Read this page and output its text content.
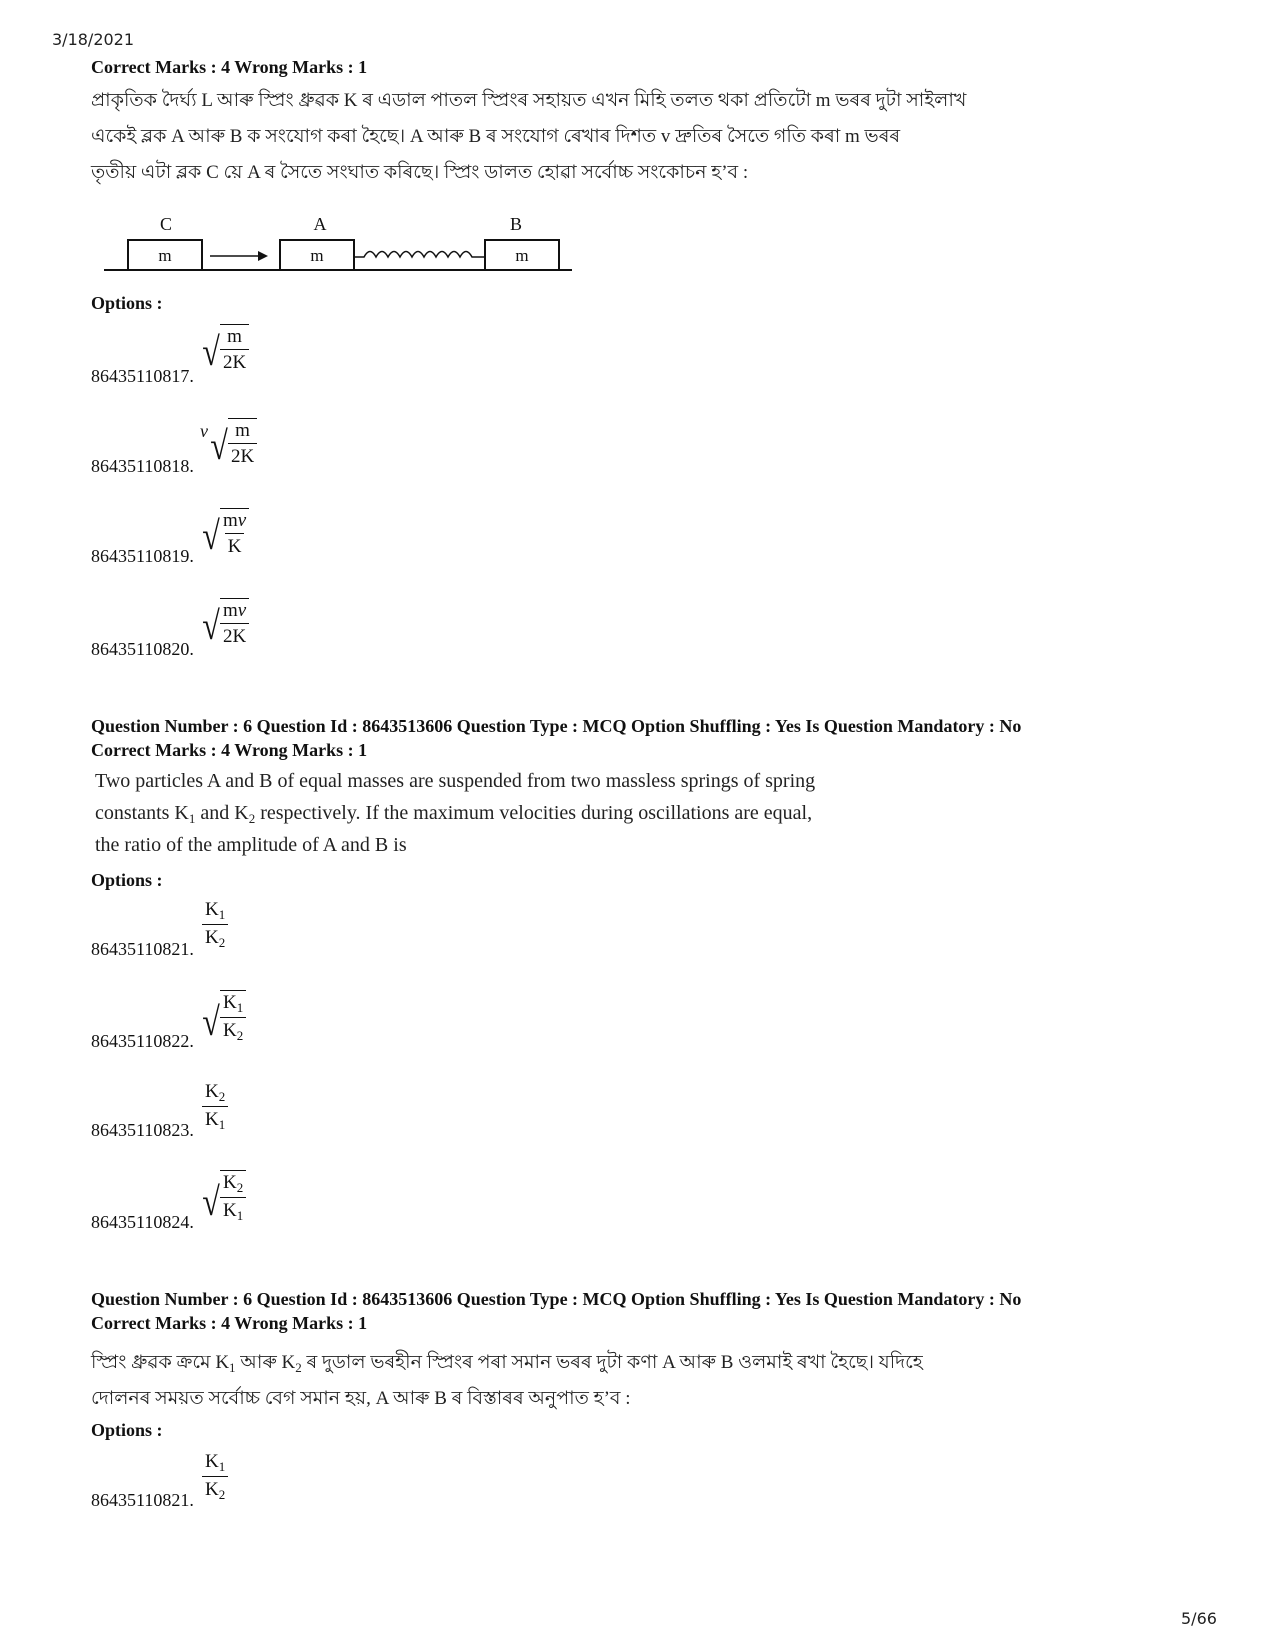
3/18/2021
5/66
Correct Marks : 4 Wrong Marks : 1
প্ৰাকৃতিক দৈৰ্ঘ্য L আৰু স্প্ৰিং ধ্ৰুৱক K ৰ এডাল পাতল স্প্ৰিংৰ সহায়ত এখন মিহি তলত থকা প্ৰতিটো m ভৰৰ দুটা সাইলাখ
একেই ব্লক A আৰু B ক সংযোগ কৰা হৈছে। A আৰু B ৰ সংযোগ ৰেখাৰ দিশত v দ্ৰুতিৰ সৈতে গতি কৰা m ভৰৰ
তৃতীয় এটা ব্লক C য়ে A ৰ সৈতে সংঘাত কৰিছে। স্প্ৰিং ডালত হোৱা সৰ্বোচ্চ সংকোচন হ’ব :
C	A	B
m	m	m
Options :
86435110817.
√ $\frac{m}{2K}$
86435110818.
v √ $\frac{m}{2K}$
86435110819. √ $\frac{mv}{K}$
86435110820.
√ $\frac{mv}{2K}$
Question Number : 6 Question Id : 8643513606 Question Type : MCQ Option Shuffling : Yes Is Question Mandatory : No
Correct Marks : 4 Wrong Marks : 1
Two particles A and B of equal masses are suspended from two massless springs of spring
constants $K_1$ and $K_2$ respectively. If the maximum velocities during oscillations are equal,
the ratio of the amplitude of A and B is
Options :
86435110821. $\frac{K_1}{K_2}$
86435110822. √ $\frac{K_1}{K_2}$
86435110823. $\frac{K_2}{K_1}$
86435110824. √ $\frac{K_2}{K_1}$
Question Number : 6 Question Id : 8643513606 Question Type : MCQ Option Shuffling : Yes Is Question Mandatory : No
Correct Marks : 4 Wrong Marks : 1
স্প্ৰিং ধ্ৰুৱক ক্ৰমে $K_1$ আৰু $K_2$ ৰ দুডাল ভৰহীন স্প্ৰিংৰ পৰা সমান ভৰৰ দুটা কণা A আৰু B ওলমাই ৰখা হৈছে। যদিহে
দোলনৰ সময়ত সৰ্বোচ্চ বেগ সমান হয়, A আৰু B ৰ বিস্তাৰৰ অনুপাত হ’ব :
Options :
86435110821. $\frac{K_1}{K_2}$
